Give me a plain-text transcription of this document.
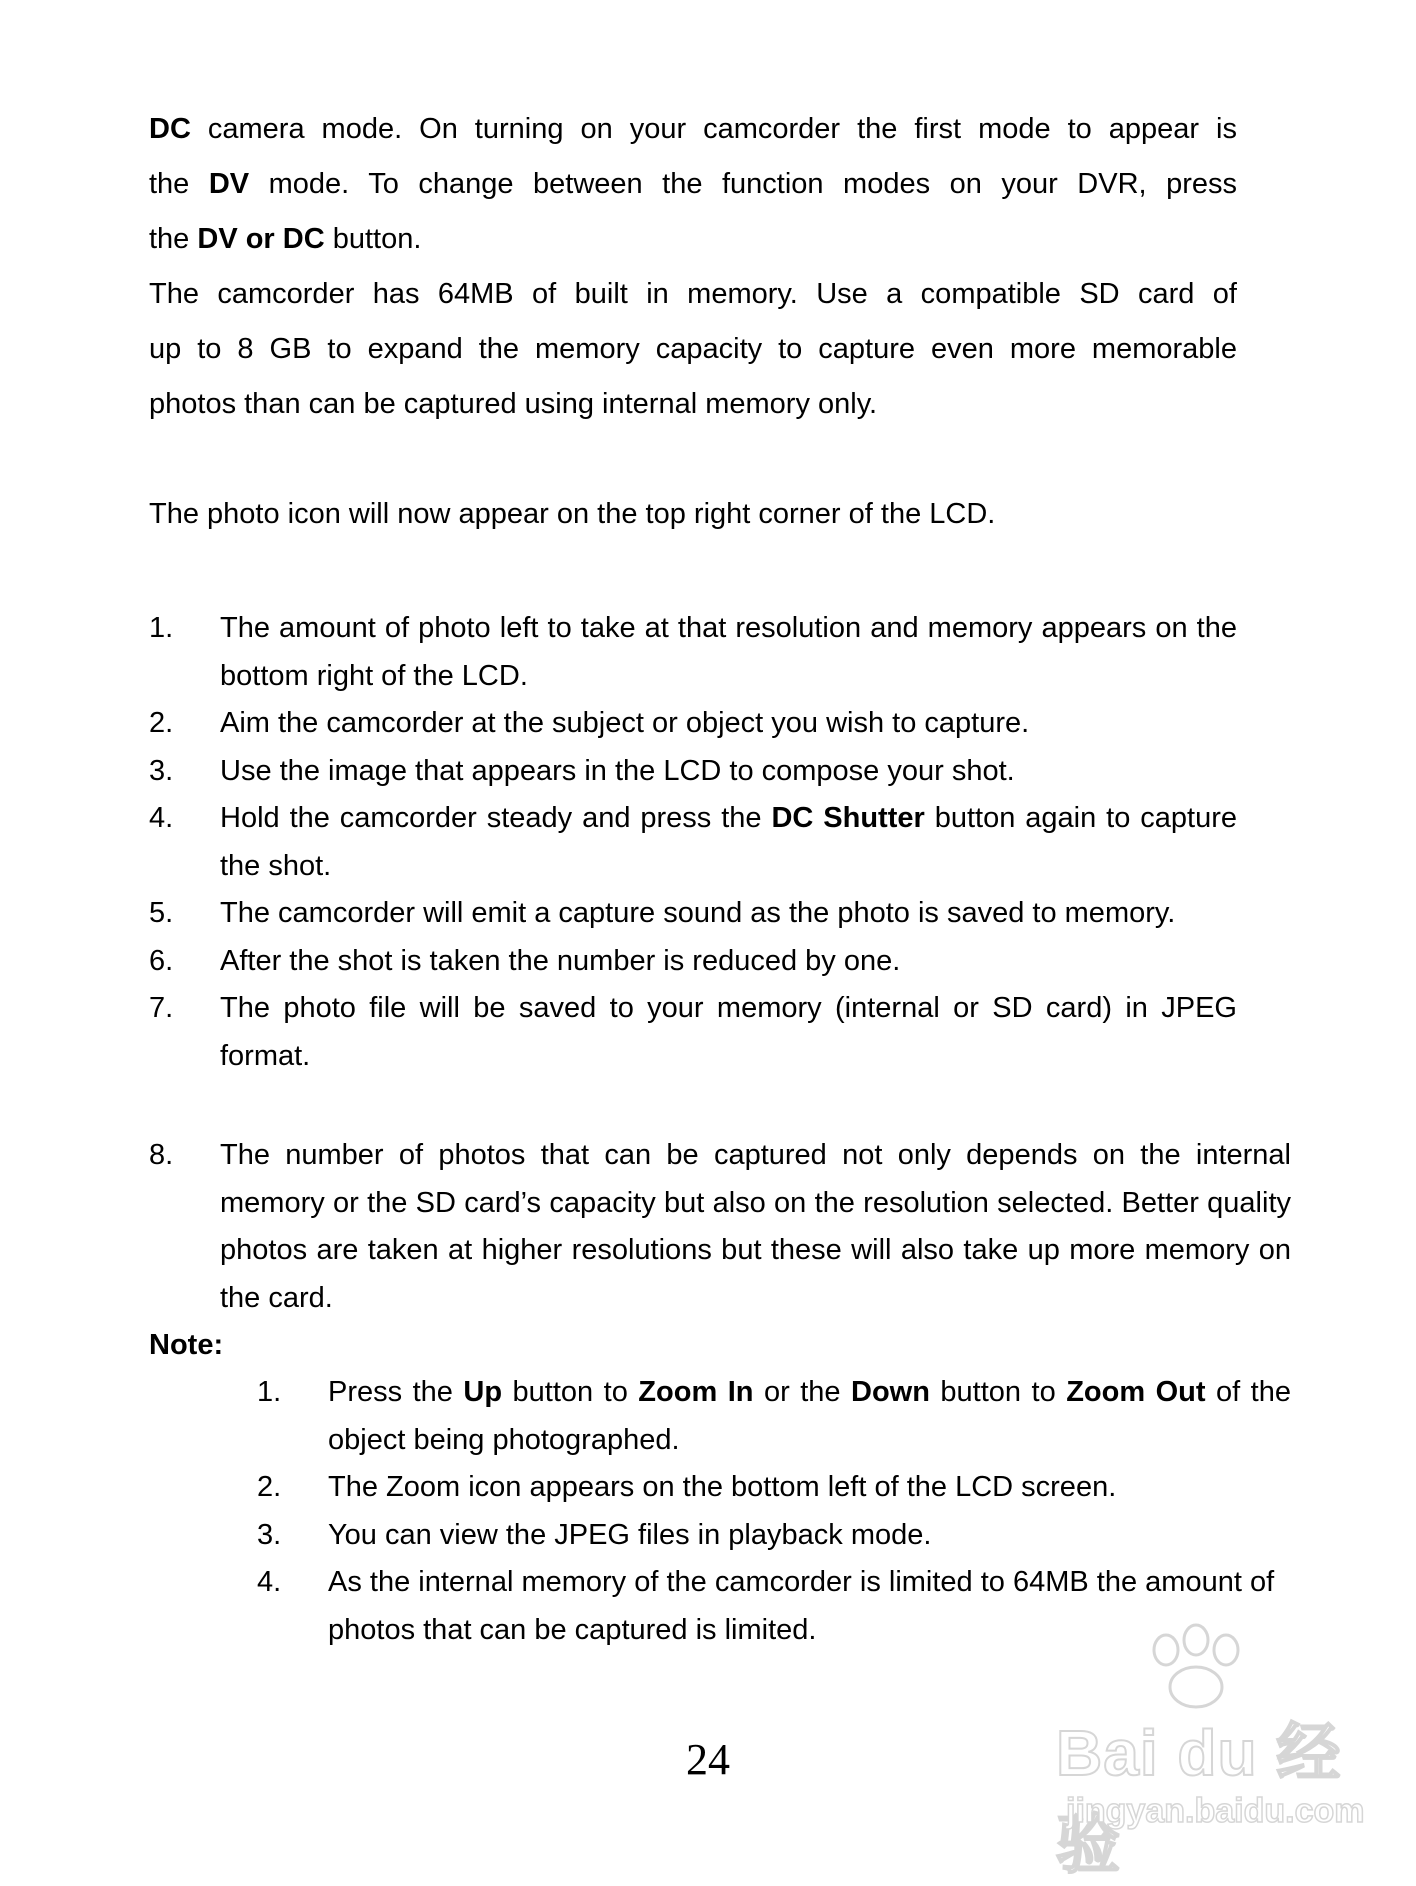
DC camera mode. On turning on your camcorder the first mode to appear is
the DV mode. To change between the function modes on your DVR, press
the DV or DC button.

The camcorder has 64MB of built in memory. Use a compatible SD card of
up to 8 GB to expand the memory capacity to capture even more memorable
photos than can be captured using internal memory only.

The photo icon will now appear on the top right corner of the LCD.

1. The amount of photo left to take at that resolution and memory appears on the bottom right of the LCD.
2. Aim the camcorder at the subject or object you wish to capture.
3. Use the image that appears in the LCD to compose your shot.
4. Hold the camcorder steady and press the DC Shutter button again to capture the shot.
5. The camcorder will emit a capture sound as the photo is saved to memory.
6. After the shot is taken the number is reduced by one.
7. The photo file will be saved to your memory (internal or SD card) in JPEG format.
8. The number of photos that can be captured not only depends on the internal memory or the SD card’s capacity but also on the resolution selected. Better quality photos are taken at higher resolutions but these will also take up more memory on the card.
Note:
1. Press the Up button to Zoom In or the Down button to Zoom Out of the object being photographed.
2. The Zoom icon appears on the bottom left of the LCD screen.
3. You can view the JPEG files in playback mode.
4. As the internal memory of the camcorder is limited to 64MB the amount of photos that can be captured is limited.
24	Bai du 经验
jingyan.baidu.com
